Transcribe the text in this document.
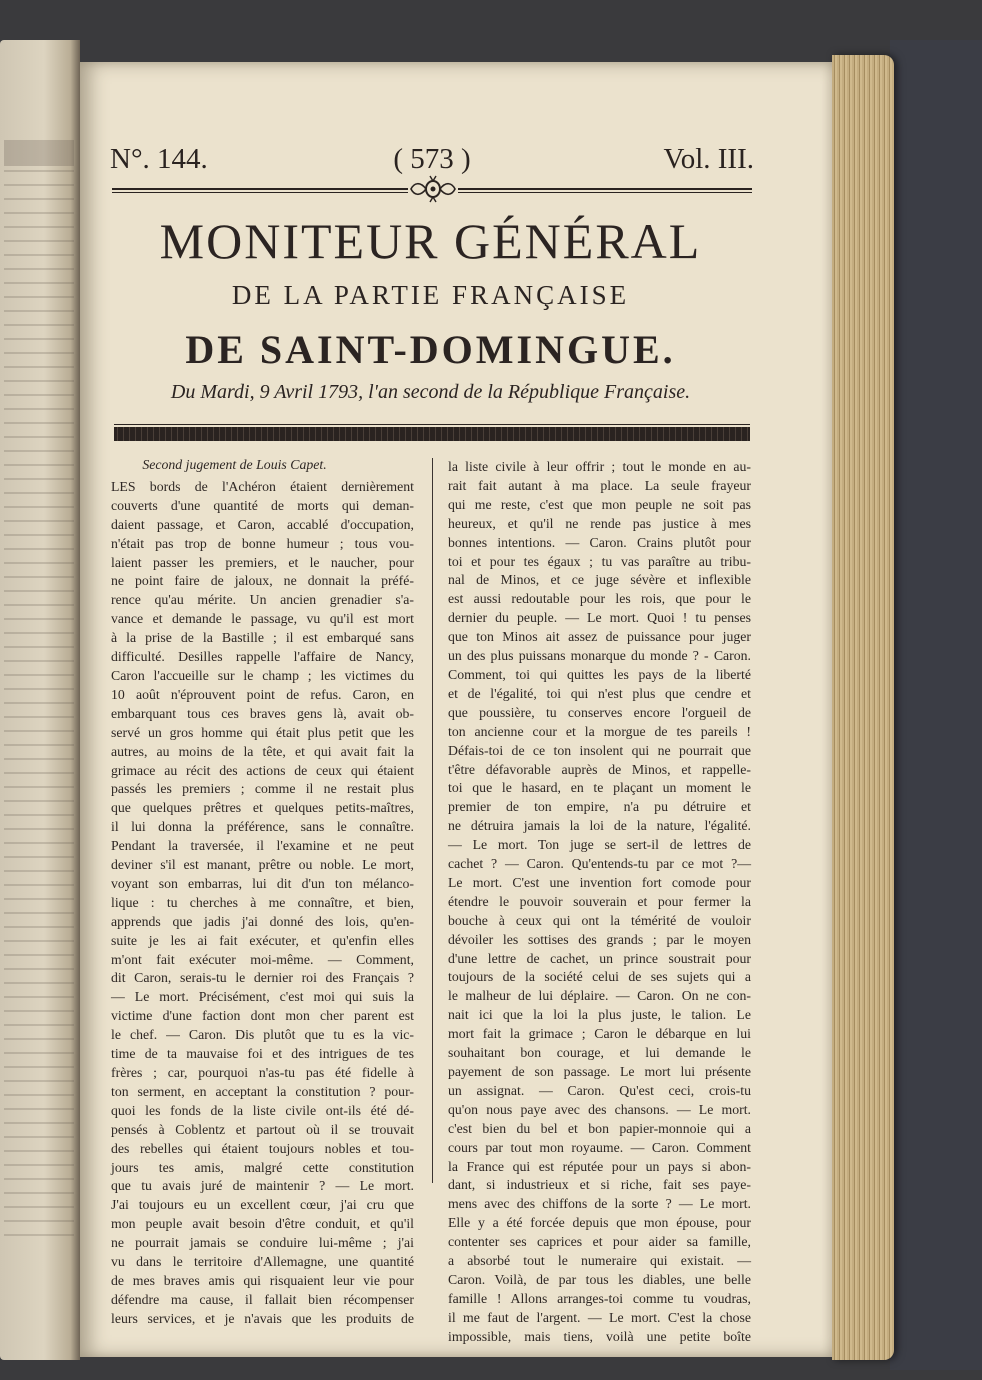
N°. 144.	( 573 )	Vol. III.
MONITEUR GÉNÉRAL
DE LA PARTIE FRANÇAISE
DE SAINT-DOMINGUE.
Du Mardi, 9 Avril 1793, l'an second de la République Française.
Second jugement de Louis Capet.
LES bords de l'Achéron étaient dernièrement
couverts d'une quantité de morts qui deman-
daient passage, et Caron, accablé d'occupation,
n'était pas trop de bonne humeur ; tous vou-
laient passer les premiers, et le naucher, pour
ne point faire de jaloux, ne donnait la préfé-
rence qu'au mérite. Un ancien grenadier s'a-
vance et demande le passage, vu qu'il est mort
à la prise de la Bastille ; il est embarqué sans
difficulté. Desilles rappelle l'affaire de Nancy,
Caron l'accueille sur le champ ; les victimes du
10 août n'éprouvent point de refus. Caron, en
embarquant tous ces braves gens là, avait ob-
servé un gros homme qui était plus petit que les
autres, au moins de la tête, et qui avait fait la
grimace au récit des actions de ceux qui étaient
passés les premiers ; comme il ne restait plus
que quelques prêtres et quelques petits-maîtres,
il lui donna la préférence, sans le connaître.
Pendant la traversée, il l'examine et ne peut
deviner s'il est manant, prêtre ou noble. Le mort,
voyant son embarras, lui dit d'un ton mélanco-
lique : tu cherches à me connaître, et bien,
apprends que jadis j'ai donné des lois, qu'en-
suite je les ai fait exécuter, et qu'enfin elles
m'ont fait exécuter moi-même. — Comment,
dit Caron, serais-tu le dernier roi des Français ?
— Le mort. Précisément, c'est moi qui suis la
victime d'une faction dont mon cher parent est
le chef. — Caron. Dis plutôt que tu es la vic-
time de ta mauvaise foi et des intrigues de tes
frères ; car, pourquoi n'as-tu pas été fidelle à
ton serment, en acceptant la constitution ? pour-
quoi les fonds de la liste civile ont-ils été dé-
pensés à Coblentz et partout où il se trouvait
des rebelles qui étaient toujours nobles et tou-
jours tes amis, malgré cette constitution
que tu avais juré de maintenir ? — Le mort.
J'ai toujours eu un excellent cœur, j'ai cru que
mon peuple avait besoin d'être conduit, et qu'il
ne pourrait jamais se conduire lui-même ; j'ai
vu dans le territoire d'Allemagne, une quantité
de mes braves amis qui risquaient leur vie pour
défendre ma cause, il fallait bien récompenser
leurs services, et je n'avais que les produits de
la liste civile à leur offrir ; tout le monde en au-
rait fait autant à ma place. La seule frayeur
qui me reste, c'est que mon peuple ne soit pas
heureux, et qu'il ne rende pas justice à mes
bonnes intentions. — Caron. Crains plutôt pour
toi et pour tes égaux ; tu vas paraître au tribu-
nal de Minos, et ce juge sévère et inflexible
est aussi redoutable pour les rois, que pour le
dernier du peuple. — Le mort. Quoi ! tu penses
que ton Minos ait assez de puissance pour juger
un des plus puissans monarque du monde ? - Caron.
Comment, toi qui quittes les pays de la liberté
et de l'égalité, toi qui n'est plus que cendre et
que poussière, tu conserves encore l'orgueil de
ton ancienne cour et la morgue de tes pareils !
Défais-toi de ce ton insolent qui ne pourrait que
t'être défavorable auprès de Minos, et rappelle-
toi que le hasard, en te plaçant un moment le
premier de ton empire, n'a pu détruire et
ne détruira jamais la loi de la nature, l'égalité.
— Le mort. Ton juge se sert-il de lettres de
cachet ? — Caron. Qu'entends-tu par ce mot ?—
Le mort. C'est une invention fort comode pour
étendre le pouvoir souverain et pour fermer la
bouche à ceux qui ont la témérité de vouloir
dévoiler les sottises des grands ; par le moyen
d'une lettre de cachet, un prince soustrait pour
toujours de la société celui de ses sujets qui a
le malheur de lui déplaire. — Caron. On ne con-
nait ici que la loi la plus juste, le talion. Le
mort fait la grimace ; Caron le débarque en lui
souhaitant bon courage, et lui demande le
payement de son passage. Le mort lui présente
un assignat. — Caron. Qu'est ceci, crois-tu
qu'on nous paye avec des chansons. — Le mort.
c'est bien du bel et bon papier-monnoie qui a
cours par tout mon royaume. — Caron. Comment
la France qui est réputée pour un pays si abon-
dant, si industrieux et si riche, fait ses paye-
mens avec des chiffons de la sorte ? — Le mort.
Elle y a été forcée depuis que mon épouse, pour
contenter ses caprices et pour aider sa famille,
a absorbé tout le numeraire qui existait. —
Caron. Voilà, de par tous les diables, une belle
famille ! Allons arranges-toi comme tu voudras,
il me faut de l'argent. — Le mort. C'est la chose
impossible, mais tiens, voilà une petite boîte
